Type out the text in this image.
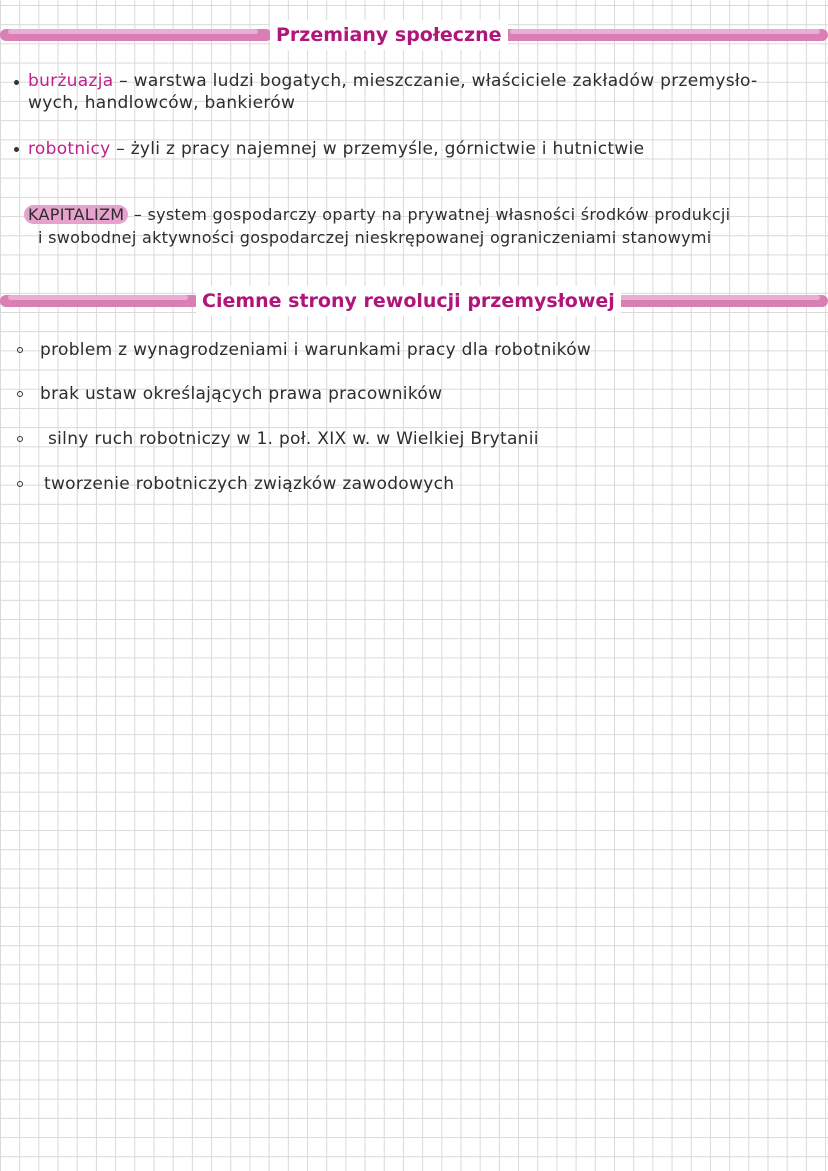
Przemiany społeczne
burżuazja – warstwa ludzi bogatych, mieszczanie, właściciele zakładów przemysło-
wych, handlowców, bankierów
robotnicy – żyli z pracy najemnej w przemyśle, górnictwie i hutnictwie
KAPITALIZM – system gospodarczy oparty na prywatnej własności środków produkcji
i swobodnej aktywności gospodarczej nieskrępowanej ograniczeniami stanowymi
Ciemne strony rewolucji przemysłowej
problem z wynagrodzeniami i warunkami pracy dla robotników
brak ustaw określających prawa pracowników
silny ruch robotniczy w 1. poł. XIX w. w Wielkiej Brytanii
tworzenie robotniczych związków zawodowych
